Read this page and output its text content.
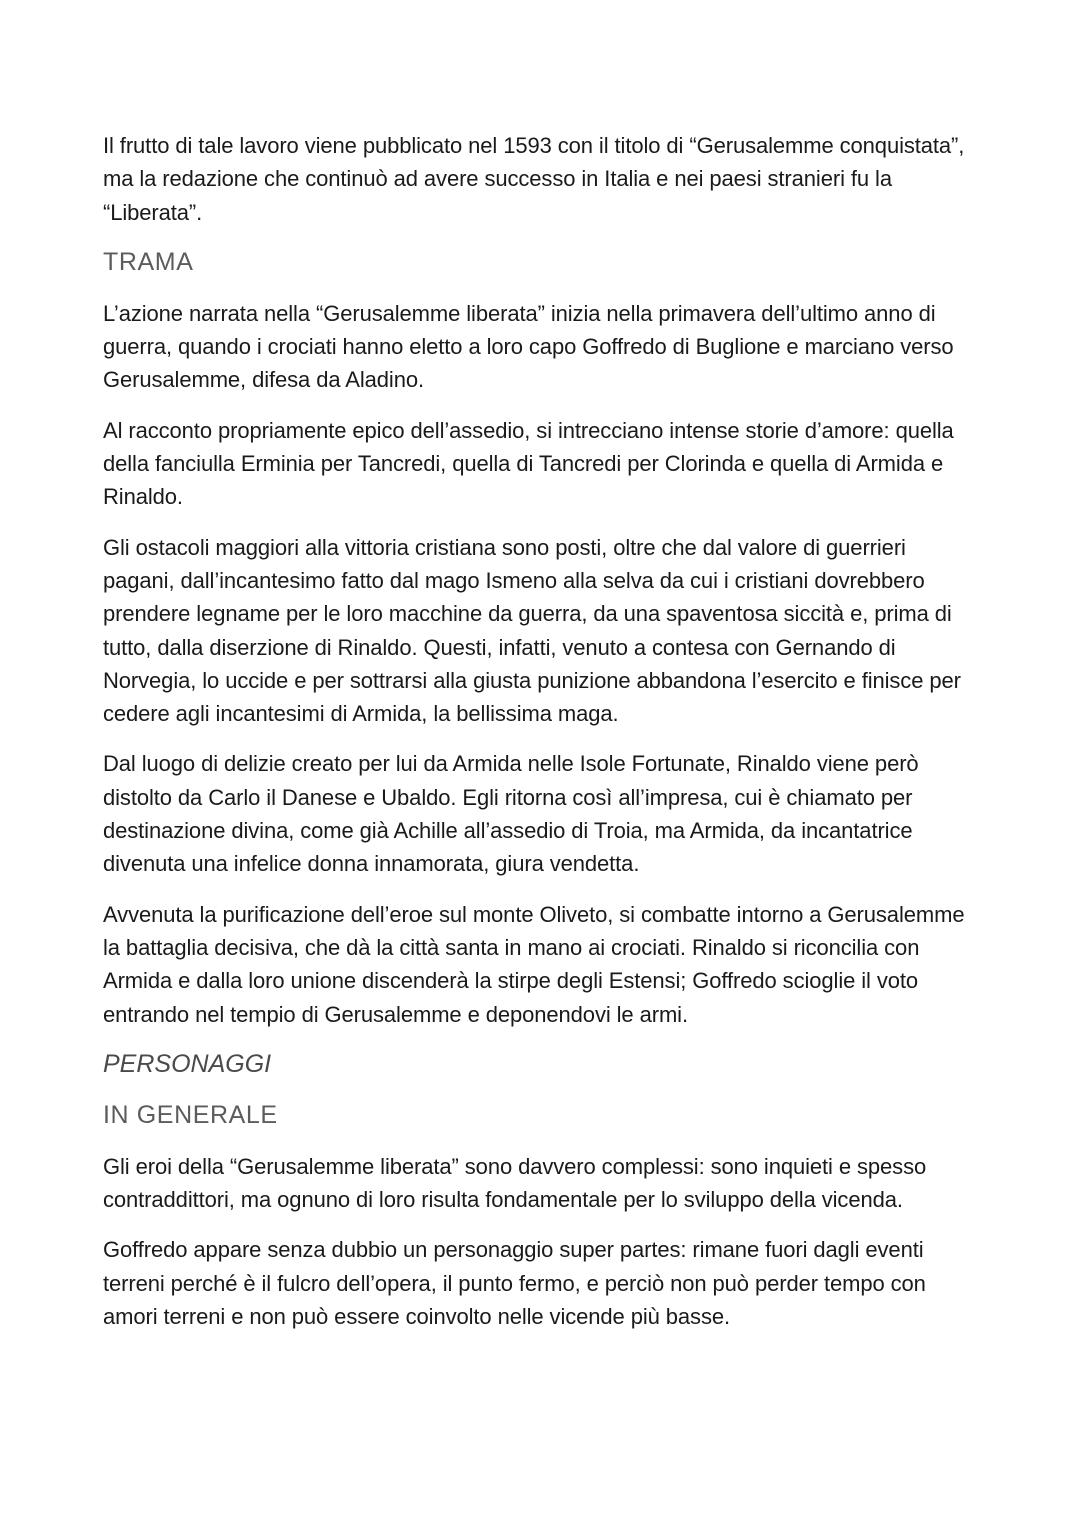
Il frutto di tale lavoro viene pubblicato nel 1593 con il titolo di “Gerusalemme conquistata”, ma la redazione che continuò ad avere successo in Italia e nei paesi stranieri fu la “Liberata”.

TRAMA

L’azione narrata nella “Gerusalemme liberata” inizia nella primavera dell’ultimo anno di guerra, quando i crociati hanno eletto a loro capo Goffredo di Buglione e marciano verso Gerusalemme, difesa da Aladino.

Al racconto propriamente epico dell’assedio, si intrecciano intense storie d’amore: quella della fanciulla Erminia per Tancredi, quella di Tancredi per Clorinda e quella di Armida e Rinaldo.

Gli ostacoli maggiori alla vittoria cristiana sono posti, oltre che dal valore di guerrieri pagani, dall’incantesimo fatto dal mago Ismeno alla selva da cui i cristiani dovrebbero prendere legname per le loro macchine da guerra, da una spaventosa siccità e, prima di tutto, dalla diserzione di Rinaldo. Questi, infatti, venuto a contesa con Gernando di Norvegia, lo uccide e per sottrarsi alla giusta punizione abbandona l’esercito e finisce per cedere agli incantesimi di Armida, la bellissima maga.

Dal luogo di delizie creato per lui da Armida nelle Isole Fortunate, Rinaldo viene però distolto da Carlo il Danese e Ubaldo. Egli ritorna così all’impresa, cui è chiamato per destinazione divina, come già Achille all’assedio di Troia, ma Armida, da incantatrice divenuta una infelice donna innamorata, giura vendetta.

Avvenuta la purificazione dell’eroe sul monte Oliveto, si combatte intorno a Gerusalemme la battaglia decisiva, che dà la città santa in mano ai crociati. Rinaldo si riconcilia con Armida e dalla loro unione discenderà la stirpe degli Estensi; Goffredo scioglie il voto entrando nel tempio di Gerusalemme e deponendovi le armi.

PERSONAGGI
IN GENERALE

Gli eroi della “Gerusalemme liberata” sono davvero complessi: sono inquieti e spesso contraddittori, ma ognuno di loro risulta fondamentale per lo sviluppo della vicenda.

Goffredo appare senza dubbio un personaggio super partes: rimane fuori dagli eventi terreni perché è il fulcro dell’opera, il punto fermo, e perciò non può perder tempo con amori terreni e non può essere coinvolto nelle vicende più basse.
